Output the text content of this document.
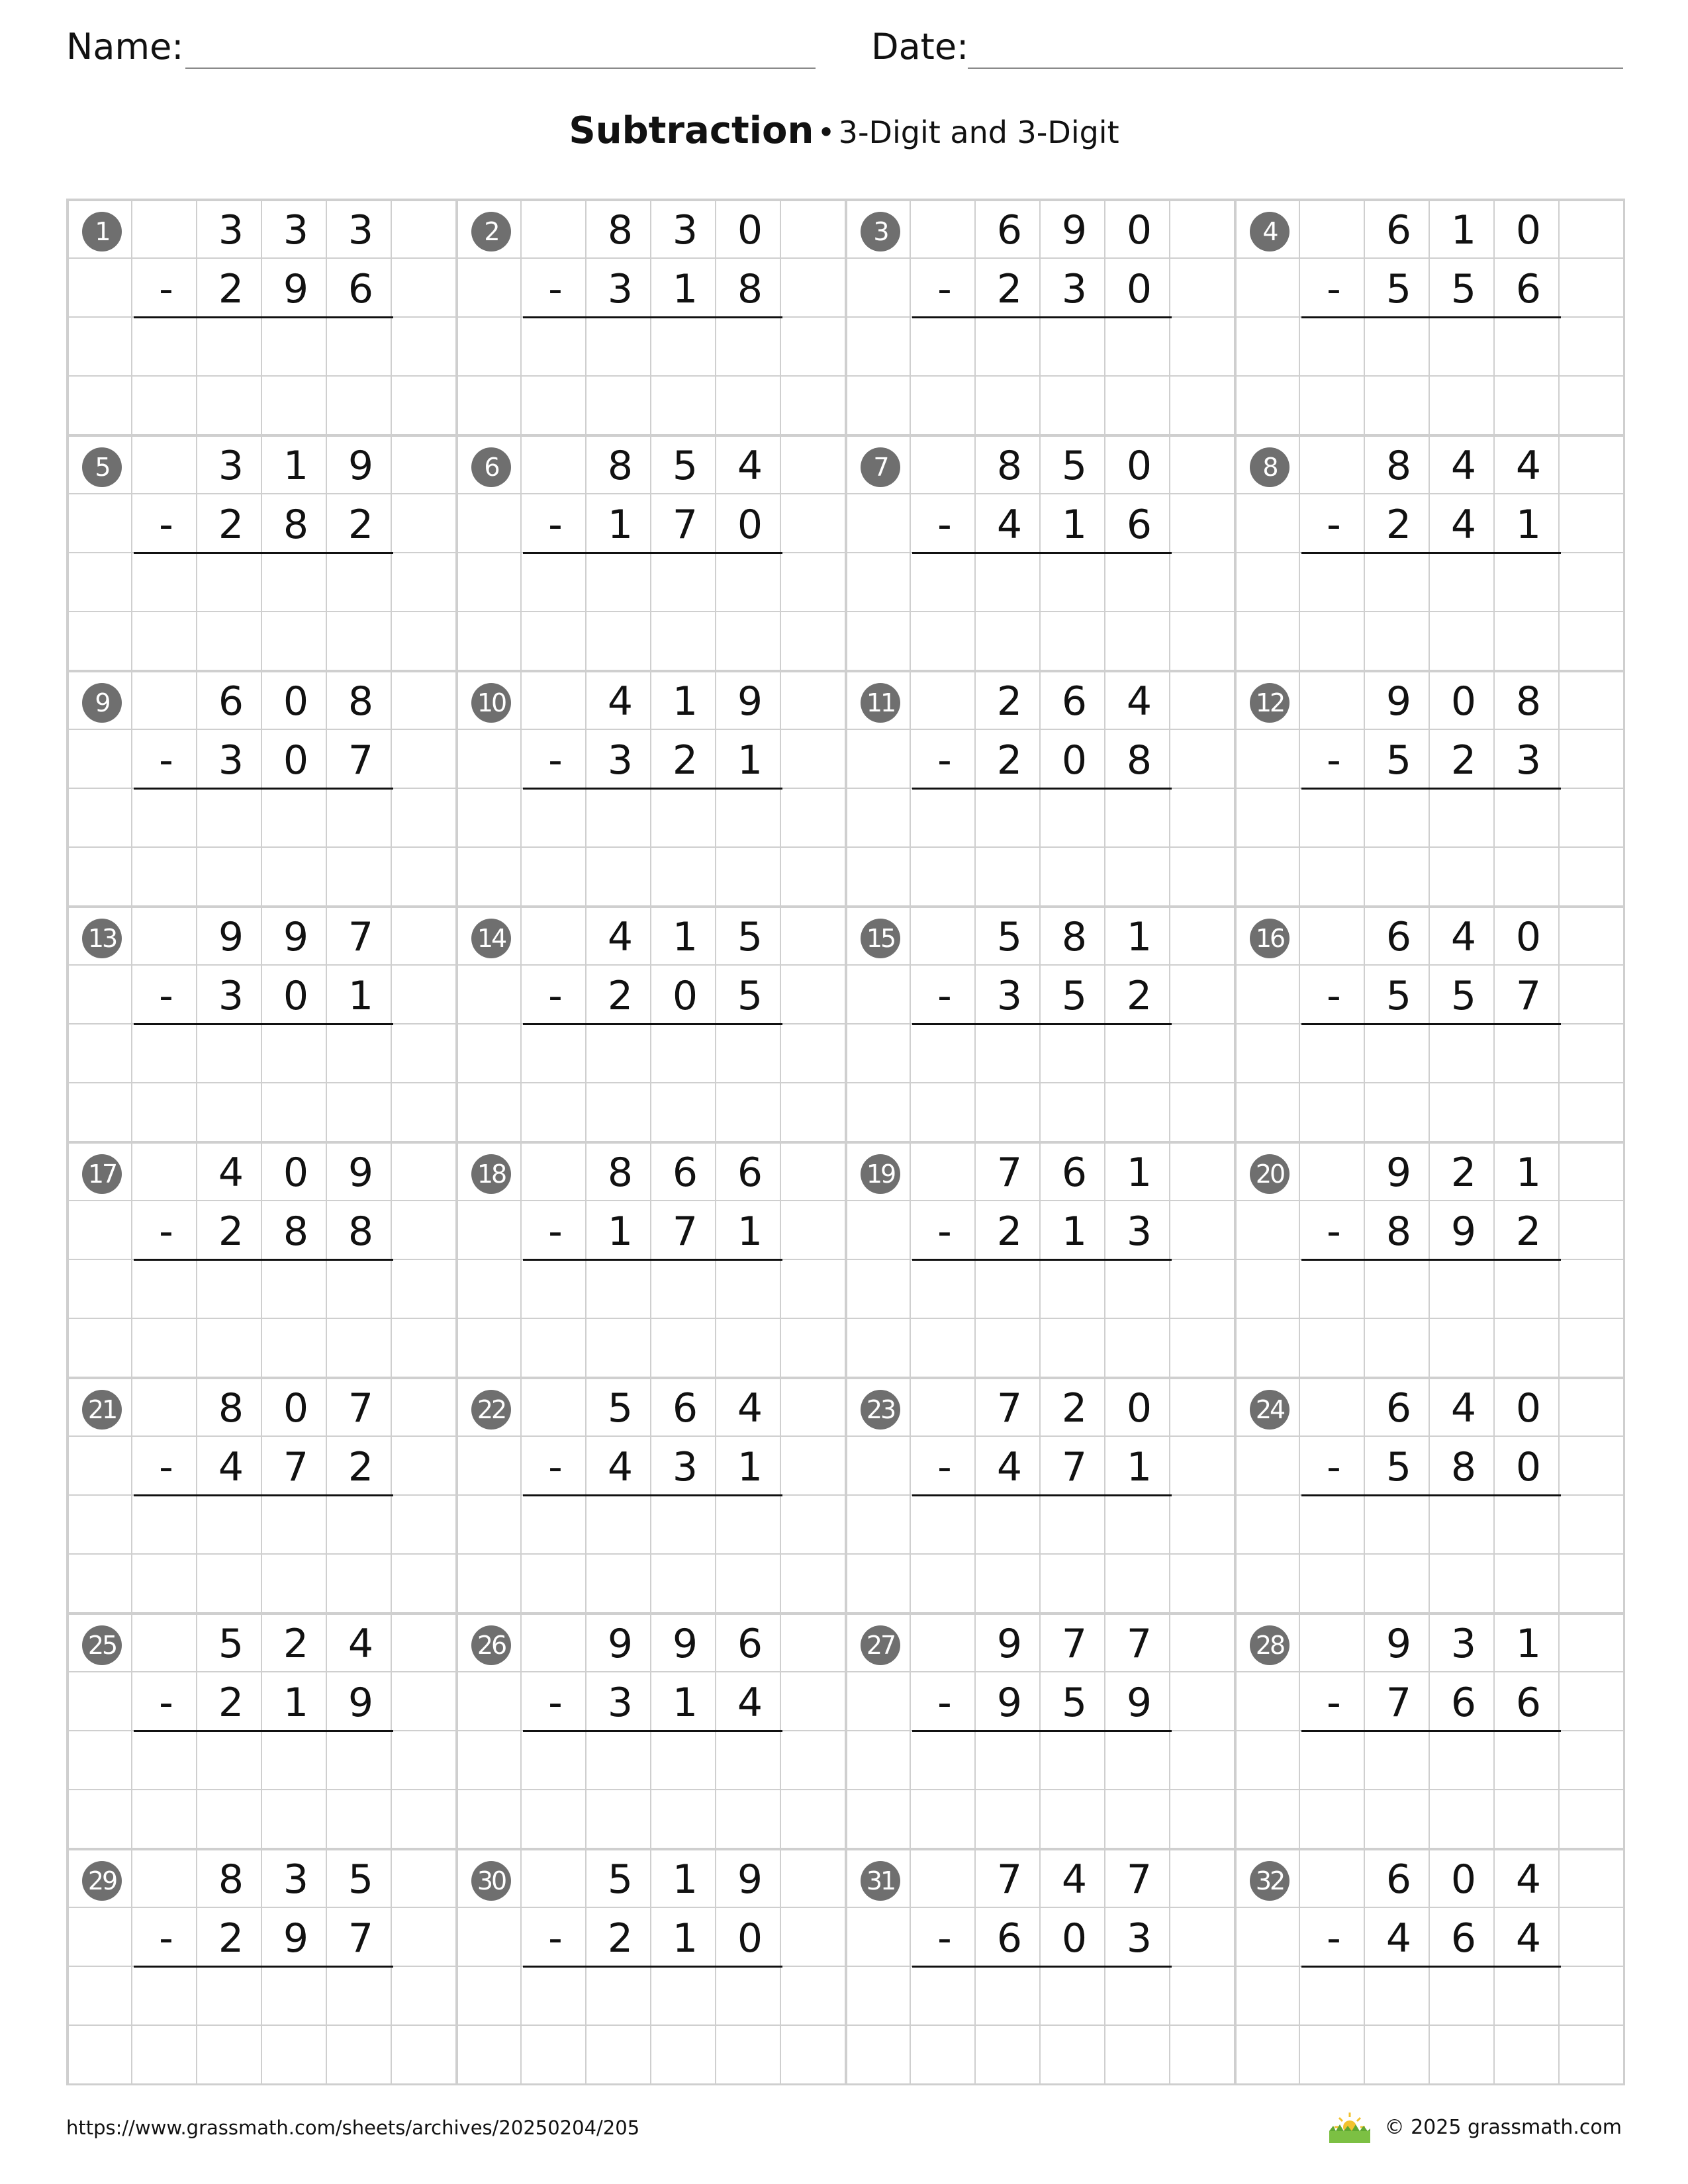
Name:	Date:
Subtraction • 3-Digit and 3-Digit
1	3 3 3
-	2 9 6
2	8 3 0
-	3 1 8
3	6 9 0
-	2 3 0
4	6 1 0
-	5 5 6
5	3 1 9
-	2 8 2
6	8 5 4
-	1 7 0
7	8 5 0
-	4 1 6
8	8 4 4
-	2 4 1
9	6 0 8
-	3 0 7
10	4 1 9
-	3 2 1
11	2 6 4
-	2 0 8
12	9 0 8
-	5 2 3
13	9 9 7
-	3 0 1
14	4 1 5
-	2 0 5
15	5 8 1
-	3 5 2
16	6 4 0
-	5 5 7
17	4 0 9
-	2 8 8
18	8 6 6
-	1 7 1
19	7 6 1
-	2 1 3
20	9 2 1
-	8 9 2
21	8 0 7
-	4 7 2
22	5 6 4
-	4 3 1
23	7 2 0
-	4 7 1
24	6 4 0
-	5 8 0
25	5 2 4
-	2 1 9
26	9 9 6
-	3 1 4
27	9 7 7
-	9 5 9
28	9 3 1
-	7 6 6
29	8 3 5
-	2 9 7
30	5 1 9
-	2 1 0
31	7 4 7
-	6 0 3
32	6 0 4
-	4 6 4
https://www.grassmath.com/sheets/archives/20250204/205	© 2025 grassmath.com
